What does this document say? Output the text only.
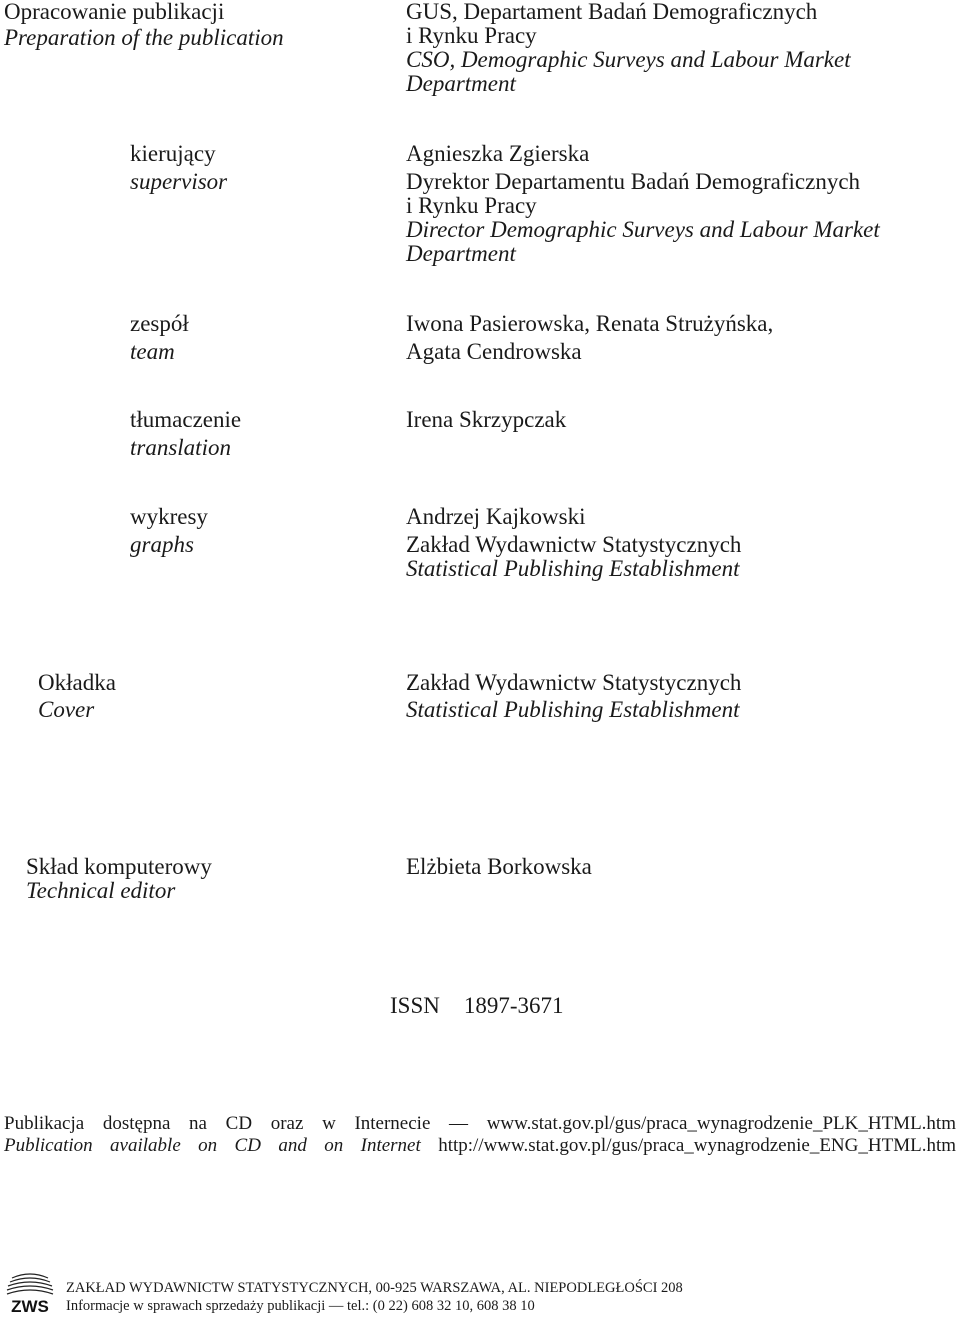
Opracowanie publikacji
Preparation of the publication
GUS, Departament Badań Demograficznych
i Rynku Pracy
CSO, Demographic Surveys and Labour Market
Department
kierujący
supervisor
Agnieszka Zgierska
Dyrektor Departamentu Badań Demograficznych
i Rynku Pracy
Director Demographic Surveys and Labour Market
Department
zespół
team
Iwona Pasierowska, Renata Strużyńska,
Agata Cendrowska
tłumaczenie
translation
Irena Skrzypczak
wykresy
graphs
Andrzej Kajkowski
Zakład Wydawnictw Statystycznych
Statistical Publishing Establishment
Okładka
Cover
Zakład Wydawnictw Statystycznych
Statistical Publishing Establishment
Skład komputerowy
Technical editor
Elżbieta Borkowska
ISSN 1897-3671
Publikacja dostępna na CD oraz w Internecie — www.stat.gov.pl/gus/praca_wynagrodzenie_PLK_HTML.htm
Publication available on CD and on Internet http://www.stat.gov.pl/gus/praca_wynagrodzenie_ENG_HTML.htm
ZWS
ZAKŁAD WYDAWNICTW STATYSTYCZNYCH, 00-925 WARSZAWA, AL. NIEPODLEGŁOŚCI 208
Informacje w sprawach sprzedaży publikacji — tel.: (0 22) 608 32 10, 608 38 10
